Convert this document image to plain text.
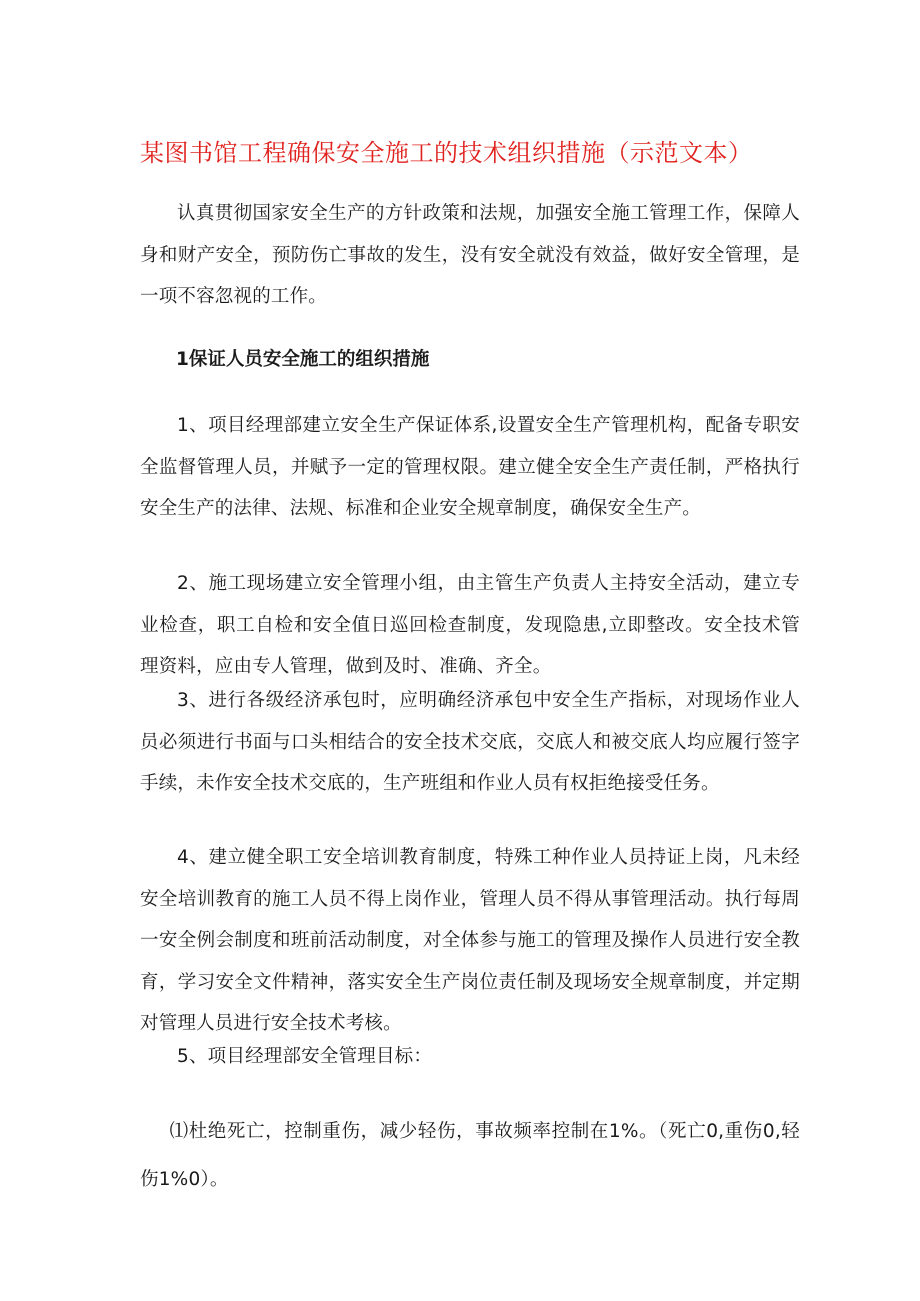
某图书馆工程确保安全施工的技术组织措施（示范文本）
认真贯彻国家安全生产的方针政策和法规，加强安全施工管理工作，保障人身和财产安全，预防伤亡事故的发生，没有安全就没有效益，做好安全管理，是一项不容忽视的工作。
1保证人员安全施工的组织措施
1、项目经理部建立安全生产保证体系,设置安全生产管理机构，配备专职安全监督管理人员，并赋予一定的管理权限。建立健全安全生产责任制，严格执行安全生产的法律、法规、标准和企业安全规章制度，确保安全生产。
2、施工现场建立安全管理小组，由主管生产负责人主持安全活动，建立专业检查，职工自检和安全值日巡回检查制度，发现隐患,立即整改。安全技术管理资料，应由专人管理，做到及时、准确、齐全。
3、进行各级经济承包时，应明确经济承包中安全生产指标，对现场作业人员必须进行书面与口头相结合的安全技术交底，交底人和被交底人均应履行签字手续，未作安全技术交底的，生产班组和作业人员有权拒绝接受任务。
4、建立健全职工安全培训教育制度，特殊工种作业人员持证上岗，凡未经安全培训教育的施工人员不得上岗作业，管理人员不得从事管理活动。执行每周一安全例会制度和班前活动制度，对全体参与施工的管理及操作人员进行安全教育，学习安全文件精神，落实安全生产岗位责任制及现场安全规章制度，并定期对管理人员进行安全技术考核。
5、项目经理部安全管理目标：
⑴杜绝死亡，控制重伤，减少轻伤，事故频率控制在1%。（死亡0,重伤0,轻伤1%0）。
